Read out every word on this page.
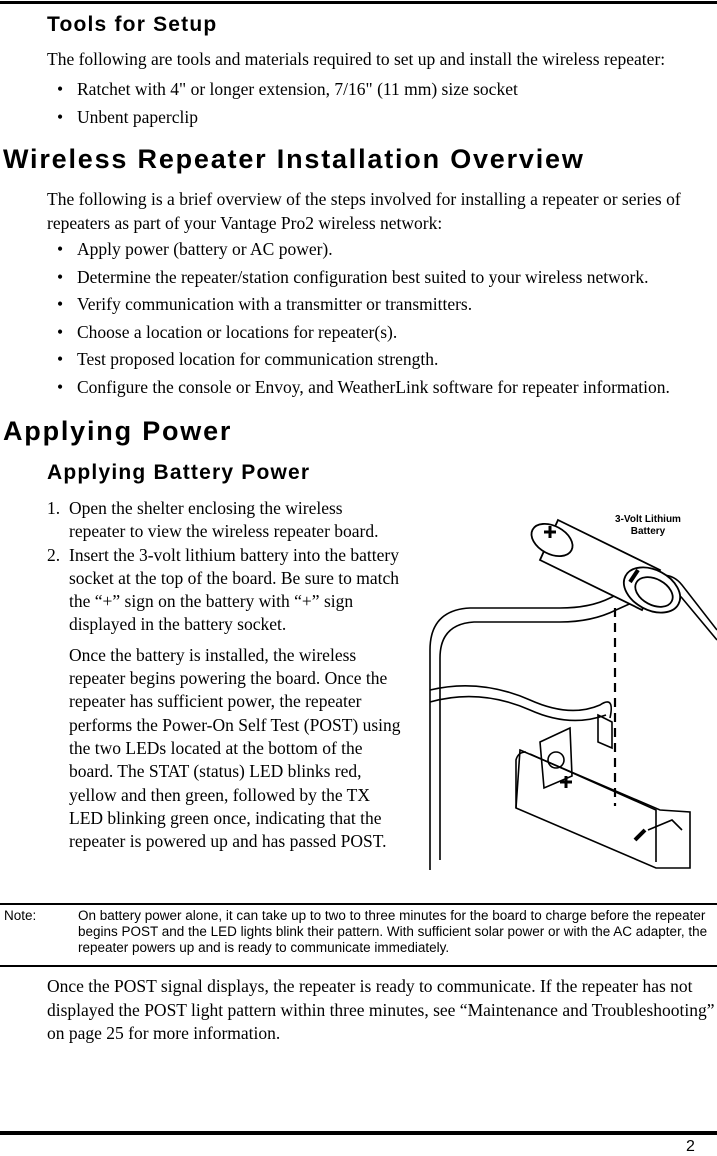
Tools for Setup

The following are tools and materials required to set up and install the wireless repeater:

• Ratchet with 4" or longer extension, 7/16" (11 mm) size socket
• Unbent paperclip
Wireless Repeater Installation Overview

The following is a brief overview of the steps involved for installing a repeater or series of repeaters as part of your Vantage Pro2 wireless network:

• Apply power (battery or AC power).
• Determine the repeater/station configuration best suited to your wireless network.
• Verify communication with a transmitter or transmitters.
• Choose a location or locations for repeater(s).
• Test proposed location for communication strength.
• Configure the console or Envoy, and WeatherLink software for repeater information.
Applying Power
Applying Battery Power
1. Open the shelter enclosing the wireless repeater to view the wireless repeater board.
2. Insert the 3-volt lithium battery into the battery socket at the top of the board. Be sure to match the “+” sign on the battery with “+” sign displayed in the battery socket.

Once the battery is installed, the wireless repeater begins powering the board. Once the repeater has sufficient power, the repeater performs the Power-On Self Test (POST) using the two LEDs located at the bottom of the board. The STAT (status) LED blinks red, yellow and then green, followed by the TX LED blinking green once, indicating that the repeater is powered up and has passed POST.

3-Volt Lithium
Battery
Note:	On battery power alone, it can take up to two to three minutes for the board to charge before the repeater begins POST and the LED lights blink their pattern. With sufficient solar power or with the AC adapter, the repeater powers up and is ready to communicate immediately.

Once the POST signal displays, the repeater is ready to communicate. If the repeater has not displayed the POST light pattern within three minutes, see “Maintenance and Troubleshooting” on page 25 for more information.

2
